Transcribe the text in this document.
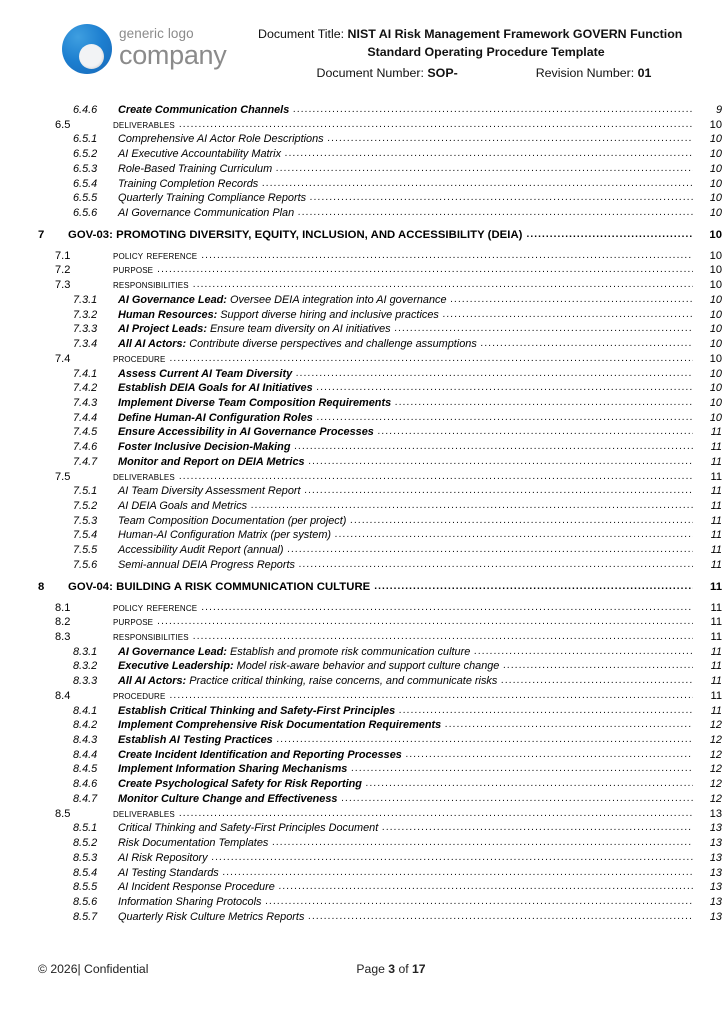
generic logo
company
Document Title: NIST AI Risk Management Framework GOVERN Function
Standard Operating Procedure Template
Document Number: SOP-	Revision Number: 01
6.4.6	Create Communication Channels .....	9
6.5	deliverables .....	10
6.5.1	Comprehensive AI Actor Role Descriptions .....	10
6.5.2	AI Executive Accountability Matrix .....	10
6.5.3	Role-Based Training Curriculum .....	10
6.5.4	Training Completion Records .....	10
6.5.5	Quarterly Training Compliance Reports .....	10
6.5.6	AI Governance Communication Plan .....	10
7	GOV-03: PROMOTING DIVERSITY, EQUITY, INCLUSION, AND ACCESSIBILITY (DEIA) .....	10
7.1	policy reference .....	10
7.2	purpose .....	10
7.3	responsibilities .....	10
7.3.1	AI Governance Lead: Oversee DEIA integration into AI governance .....	10
7.3.2	Human Resources: Support diverse hiring and inclusive practices .....	10
7.3.3	AI Project Leads: Ensure team diversity on AI initiatives .....	10
7.3.4	All AI Actors: Contribute diverse perspectives and challenge assumptions .....	10
7.4	procedure .....	10
7.4.1	Assess Current AI Team Diversity .....	10
7.4.2	Establish DEIA Goals for AI Initiatives .....	10
7.4.3	Implement Diverse Team Composition Requirements .....	10
7.4.4	Define Human-AI Configuration Roles .....	10
7.4.5	Ensure Accessibility in AI Governance Processes .....	11
7.4.6	Foster Inclusive Decision-Making .....	11
7.4.7	Monitor and Report on DEIA Metrics .....	11
7.5	deliverables .....	11
7.5.1	AI Team Diversity Assessment Report .....	11
7.5.2	AI DEIA Goals and Metrics .....	11
7.5.3	Team Composition Documentation (per project) .....	11
7.5.4	Human-AI Configuration Matrix (per system) .....	11
7.5.5	Accessibility Audit Report (annual) .....	11
7.5.6	Semi-annual DEIA Progress Reports .....	11
8	GOV-04: BUILDING A RISK COMMUNICATION CULTURE .....	11
8.1	policy reference .....	11
8.2	purpose .....	11
8.3	responsibilities .....	11
8.3.1	AI Governance Lead: Establish and promote risk communication culture .....	11
8.3.2	Executive Leadership: Model risk-aware behavior and support culture change .....	11
8.3.3	All AI Actors: Practice critical thinking, raise concerns, and communicate risks .....	11
8.4	procedure .....	11
8.4.1	Establish Critical Thinking and Safety-First Principles .....	11
8.4.2	Implement Comprehensive Risk Documentation Requirements .....	12
8.4.3	Establish AI Testing Practices .....	12
8.4.4	Create Incident Identification and Reporting Processes .....	12
8.4.5	Implement Information Sharing Mechanisms .....	12
8.4.6	Create Psychological Safety for Risk Reporting .....	12
8.4.7	Monitor Culture Change and Effectiveness .....	12
8.5	deliverables .....	13
8.5.1	Critical Thinking and Safety-First Principles Document .....	13
8.5.2	Risk Documentation Templates .....	13
8.5.3	AI Risk Repository .....	13
8.5.4	AI Testing Standards .....	13
8.5.5	AI Incident Response Procedure .....	13
8.5.6	Information Sharing Protocols .....	13
8.5.7	Quarterly Risk Culture Metrics Reports .....	13
© 2026| Confidential	Page 3 of 17
